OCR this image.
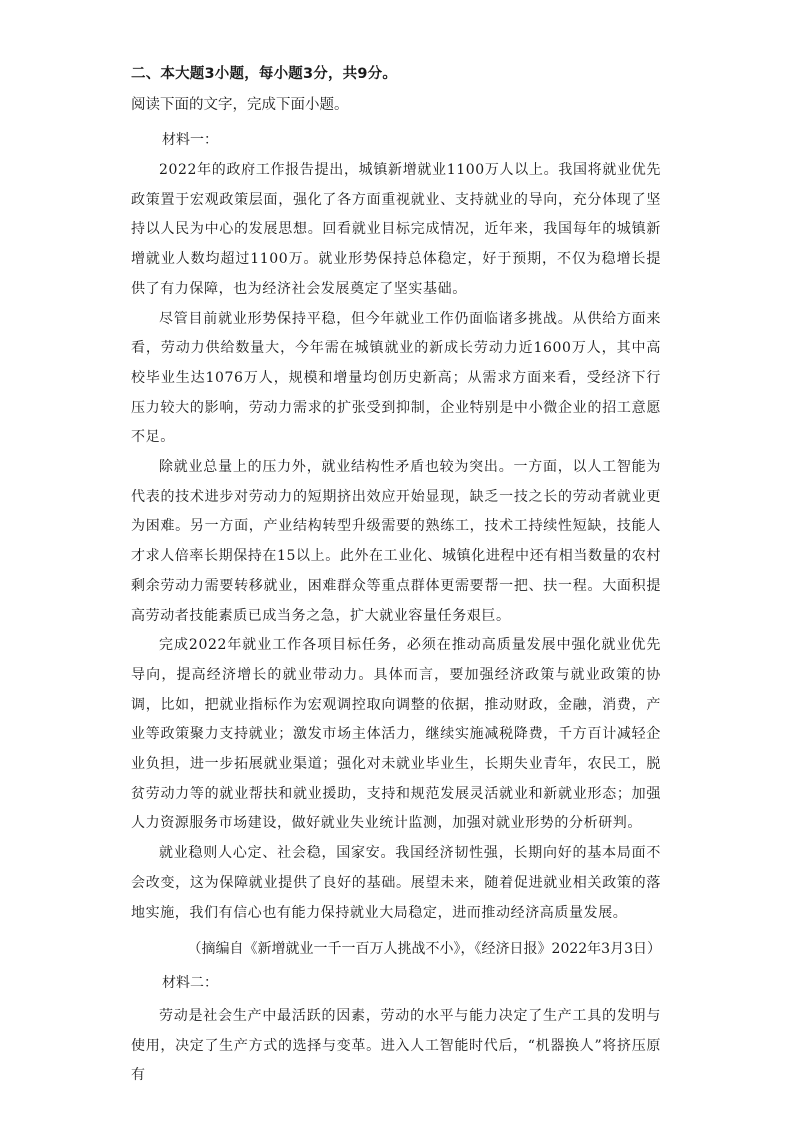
二、本大题3小题，每小题3分，共9分。

阅读下面的文字，完成下面小题。

材料一：

2022年的政府工作报告提出，城镇新增就业1100万人以上。我国将就业优先政策置于宏观政策层面，强化了各方面重视就业、支持就业的导向，充分体现了坚持以人民为中心的发展思想。回看就业目标完成情况，近年来，我国每年的城镇新增就业人数均超过1100万。就业形势保持总体稳定，好于预期，不仅为稳增长提供了有力保障，也为经济社会发展奠定了坚实基础。

尽管目前就业形势保持平稳，但今年就业工作仍面临诸多挑战。从供给方面来看，劳动力供给数量大，今年需在城镇就业的新成长劳动力近1600万人，其中高校毕业生达1076万人，规模和增量均创历史新高；从需求方面来看，受经济下行压力较大的影响，劳动力需求的扩张受到抑制，企业特别是中小微企业的招工意愿不足。

除就业总量上的压力外，就业结构性矛盾也较为突出。一方面，以人工智能为代表的技术进步对劳动力的短期挤出效应开始显现，缺乏一技之长的劳动者就业更为困难。另一方面，产业结构转型升级需要的熟练工，技术工持续性短缺，技能人才求人倍率长期保持在15以上。此外在工业化、城镇化进程中还有相当数量的农村剩余劳动力需要转移就业，困难群众等重点群体更需要帮一把、扶一程。大面积提高劳动者技能素质已成当务之急，扩大就业容量任务艰巨。

完成2022年就业工作各项目标任务，必须在推动高质量发展中强化就业优先导向，提高经济增长的就业带动力。具体而言，要加强经济政策与就业政策的协调，比如，把就业指标作为宏观调控取向调整的依据，推动财政，金融，消费，产业等政策聚力支持就业；激发市场主体活力，继续实施减税降费，千方百计减轻企业负担，进一步拓展就业渠道；强化对未就业毕业生，长期失业青年，农民工，脱贫劳动力等的就业帮扶和就业援助，支持和规范发展灵活就业和新就业形态；加强人力资源服务市场建设，做好就业失业统计监测，加强对就业形势的分析研判。

就业稳则人心定、社会稳，国家安。我国经济韧性强，长期向好的基本局面不会改变，这为保障就业提供了良好的基础。展望未来，随着促进就业相关政策的落地实施，我们有信心也有能力保持就业大局稳定，进而推动经济高质量发展。

（摘编自《新增就业一千一百万人挑战不小》，《经济日报》2022年3月3日）

材料二：

劳动是社会生产中最活跃的因素，劳动的水平与能力决定了生产工具的发明与使用，决定了生产方式的选择与变革。进入人工智能时代后，“机器换人”将挤压原有
